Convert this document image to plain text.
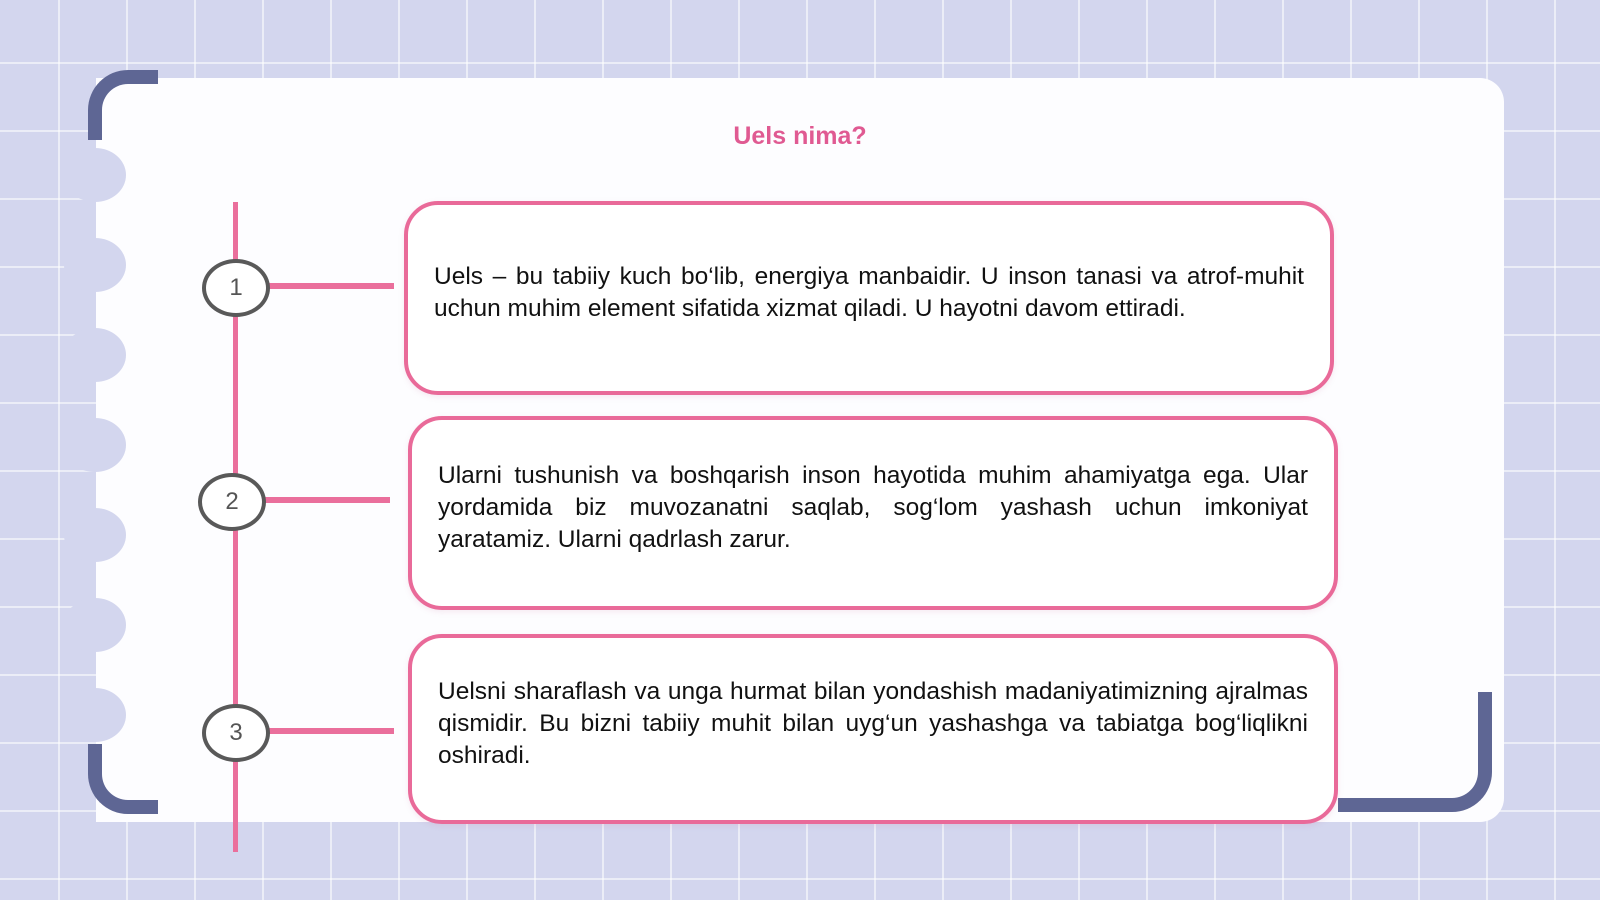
Uels nima?
1
2
3

Uels – bu tabiiy kuch bo‘lib, energiya manbaidir. U inson tanasi va atrof-muhit uchun muhim element sifatida xizmat qiladi. U hayotni davom ettiradi.

Ularni tushunish va boshqarish inson hayotida muhim ahamiyatga ega. Ular yordamida biz muvozanatni saqlab, sog‘lom yashash uchun imkoniyat yaratamiz. Ularni qadrlash zarur.

Uelsni sharaflash va unga hurmat bilan yondashish madaniyatimizning ajralmas qismidir. Bu bizni tabiiy muhit bilan uyg‘un yashashga va tabiatga bog‘liqlikni oshiradi.
